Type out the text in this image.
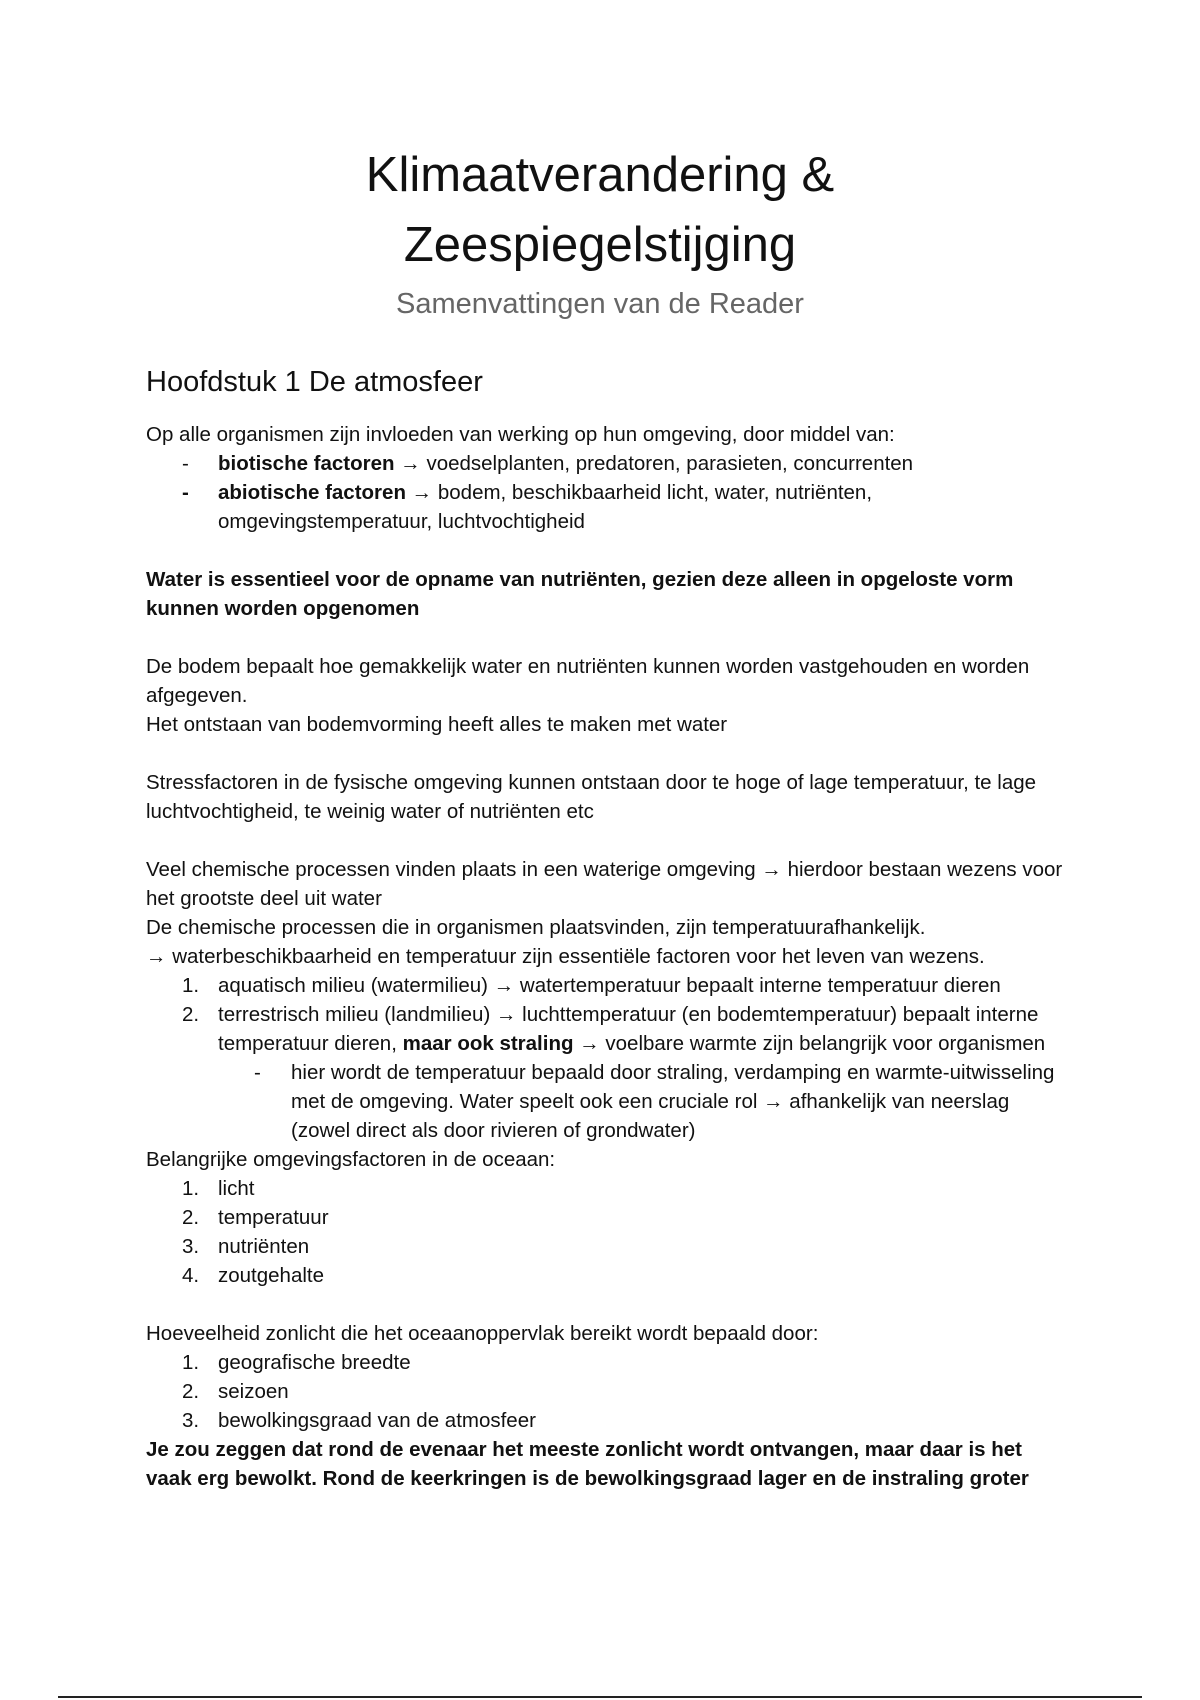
Klimaatverandering &
Zeespiegelstijging
Samenvattingen van de Reader
Hoofdstuk 1 De atmosfeer

Op alle organismen zijn invloeden van werking op hun omgeving, door middel van:

- biotische factoren → voedselplanten, predatoren, parasieten, concurrenten
- abiotische factoren → bodem, beschikbaarheid licht, water, nutriënten, omgevingstemperatuur, luchtvochtigheid

Water is essentieel voor de opname van nutriënten, gezien deze alleen in opgeloste vorm kunnen worden opgenomen

De bodem bepaalt hoe gemakkelijk water en nutriënten kunnen worden vastgehouden en worden afgegeven.

Het ontstaan van bodemvorming heeft alles te maken met water

Stressfactoren in de fysische omgeving kunnen ontstaan door te hoge of lage temperatuur, te lage luchtvochtigheid, te weinig water of nutriënten etc

Veel chemische processen vinden plaats in een waterige omgeving → hierdoor bestaan wezens voor het grootste deel uit water

De chemische processen die in organismen plaatsvinden, zijn temperatuurafhankelijk.

→ waterbeschikbaarheid en temperatuur zijn essentiële factoren voor het leven van wezens.

1. aquatisch milieu (watermilieu) → watertemperatuur bepaalt interne temperatuur dieren
2. terrestrisch milieu (landmilieu) → luchttemperatuur (en bodemtemperatuur) bepaalt interne temperatuur dieren, maar ook straling → voelbare warmte zijn belangrijk voor organismen
- hier wordt de temperatuur bepaald door straling, verdamping en warmte-uitwisseling met de omgeving. Water speelt ook een cruciale rol → afhankelijk van neerslag (zowel direct als door rivieren of grondwater)

Belangrijke omgevingsfactoren in de oceaan:

1. licht
2. temperatuur
3. nutriënten
4. zoutgehalte

Hoeveelheid zonlicht die het oceaanoppervlak bereikt wordt bepaald door:

1. geografische breedte
2. seizoen
3. bewolkingsgraad van de atmosfeer

Je zou zeggen dat rond de evenaar het meeste zonlicht wordt ontvangen, maar daar is het vaak erg bewolkt. Rond de keerkringen is de bewolkingsgraad lager en de instraling groter
